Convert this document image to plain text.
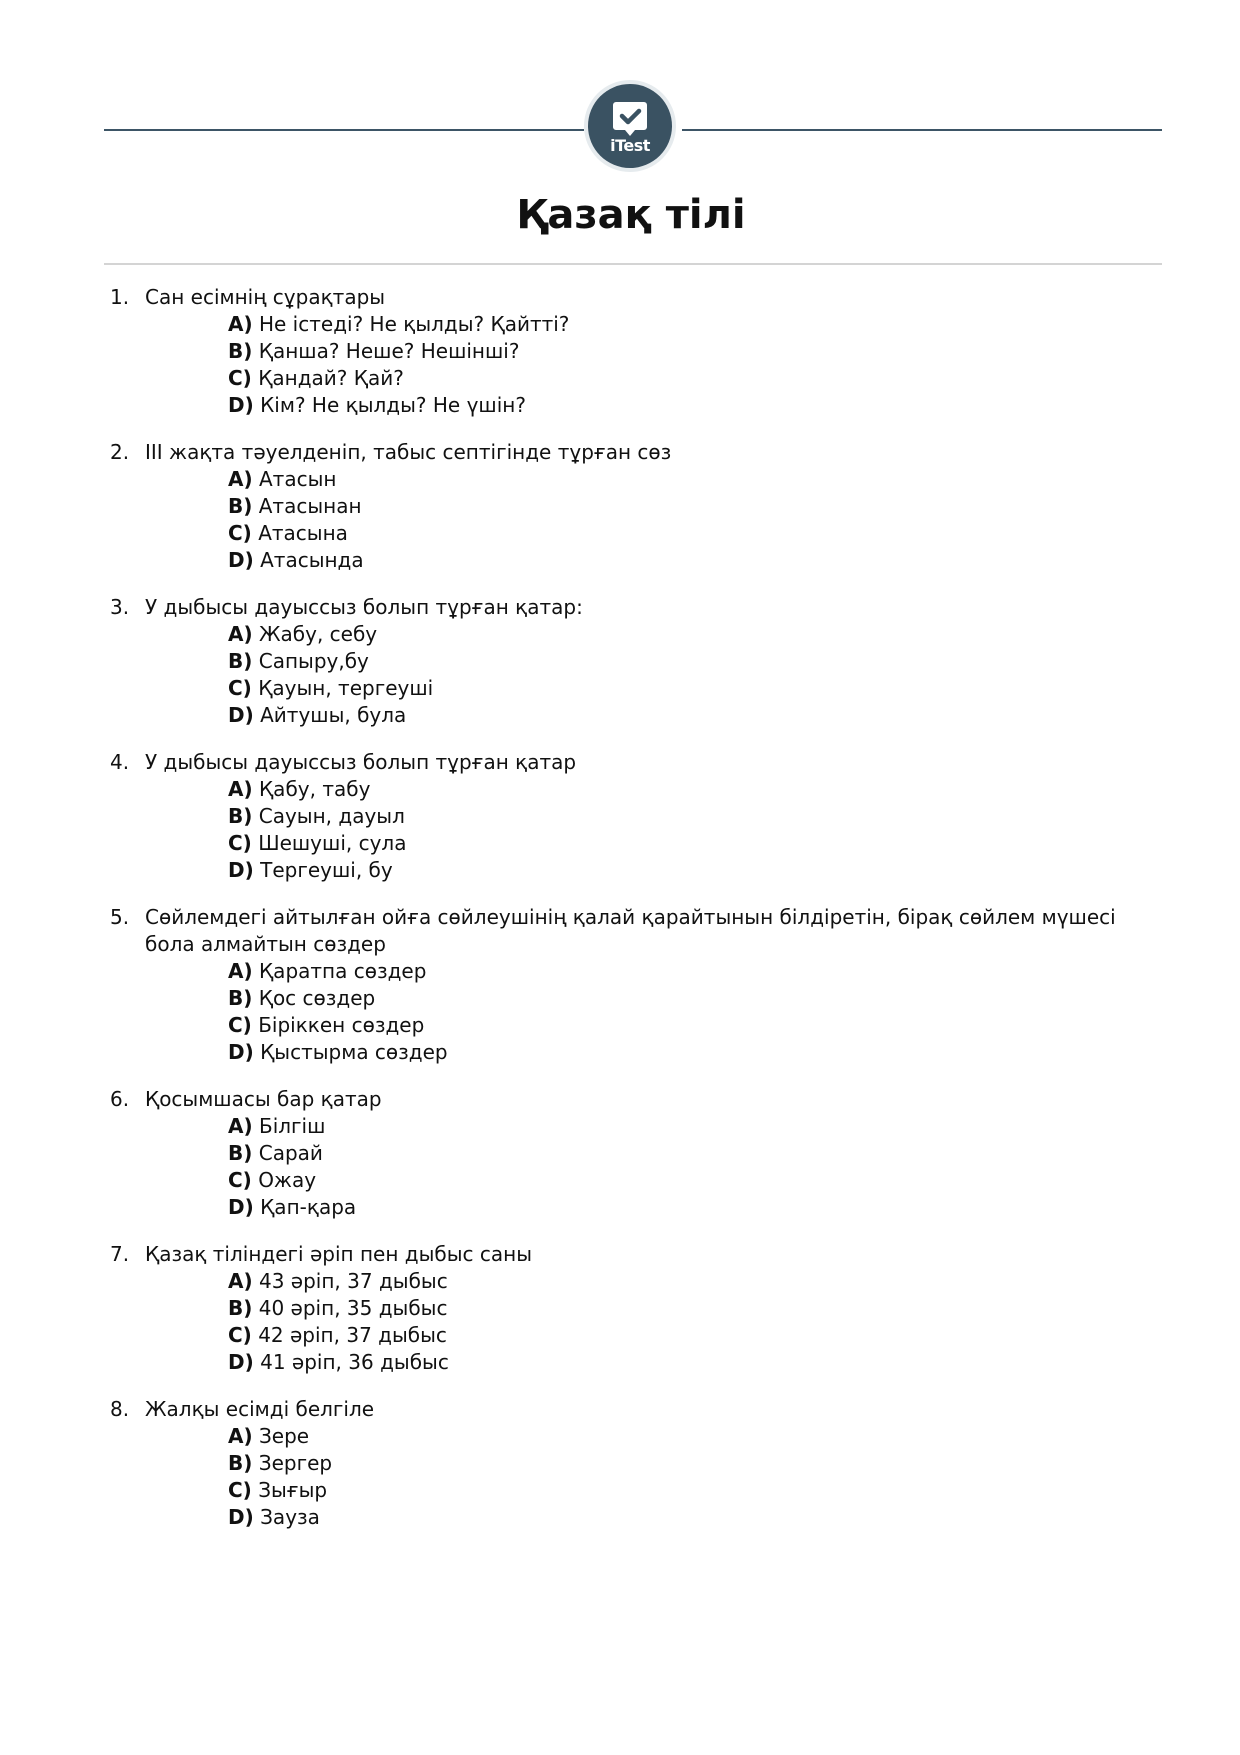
iTest
Қазақ тілі
1. Сан есімнің сұрақтары
A) Не істеді? Не қылды? Қайтті?
B) Қанша? Неше? Нешінші?
C) Қандай? Қай?
D) Кім? Не қылды? Не үшін?
2. ІІІ жақта тәуелденіп, табыс септігінде тұрған сөз
A) Атасын
B) Атасынан
C) Атасына
D) Атасында
3. У дыбысы дауыссыз болып тұрған қатар:
A) Жабу, себу
B) Сапыру,бу
C) Қауын, тергеуші
D) Айтушы, була
4. У дыбысы дауыссыз болып тұрған қатар
A) Қабу, табу
B) Сауын, дауыл
C) Шешуші, сула
D) Тергеуші, бу
5. Сөйлемдегі айтылған ойға сөйлеушінің қалай қарайтынын білдіретін, бірақ сөйлем мүшесі бола алмайтын сөздер
A) Қаратпа сөздер
B) Қос сөздер
C) Біріккен сөздер
D) Қыстырма сөздер
6. Қосымшасы бар қатар
A) Білгіш
B) Сарай
C) Ожау
D) Қап-қара
7. Қазақ тіліндегі әріп пен дыбыс саны
A) 43 әріп, 37 дыбыс
B) 40 әріп, 35 дыбыс
C) 42 әріп, 37 дыбыс
D) 41 әріп, 36 дыбыс
8. Жалқы есімді белгіле
A) Зере
B) Зергер
C) Зығыр
D) Зауза
